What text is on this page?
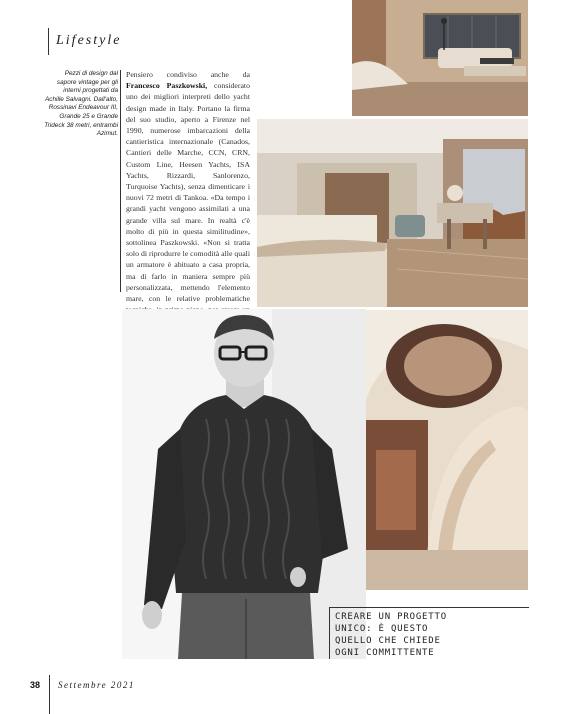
Lifestyle
Pezzi di design dal sapore vintage per gli interni progettati da Achille Salvagni. Dall'alto, Rossinavi Endeavour III, Grande 25 e Grande Trideck 38 metri, entrambi Azimut.
Pensiero condiviso anche da Francesco Paszkowski, considerato uno dei migliori interpreti dello yacht design made in Italy. Portano la firma del suo studio, aperto a Firenze nel 1990, numerose imbarcazioni della cantieristica internazionale (Canados, Cantieri delle Marche, CCN, CRN, Custom Line, Heesen Yachts, ISA Yachts, Rizzardi, Sanlorenzo, Turquoise Yachts), senza dimenticare i nuovi 72 metri di Tankoa. «Da tempo i grandi yacht vengono assimilati a una grande villa sul mare. In realtà c'è molto di più in questa similitudine», sottolinea Paszkowski. «Non si tratta solo di riprodurre le comodità alle quali un armatore è abituato a casa propria, ma di farlo in maniera sempre più personalizzata, mettendo l'elemento mare, con le relative problematiche

CREARE UN PROGETTO
UNICO: È QUESTO
QUELLO CHE CHIEDE
OGNI COMMITTENTE
38 Settembre 2021
